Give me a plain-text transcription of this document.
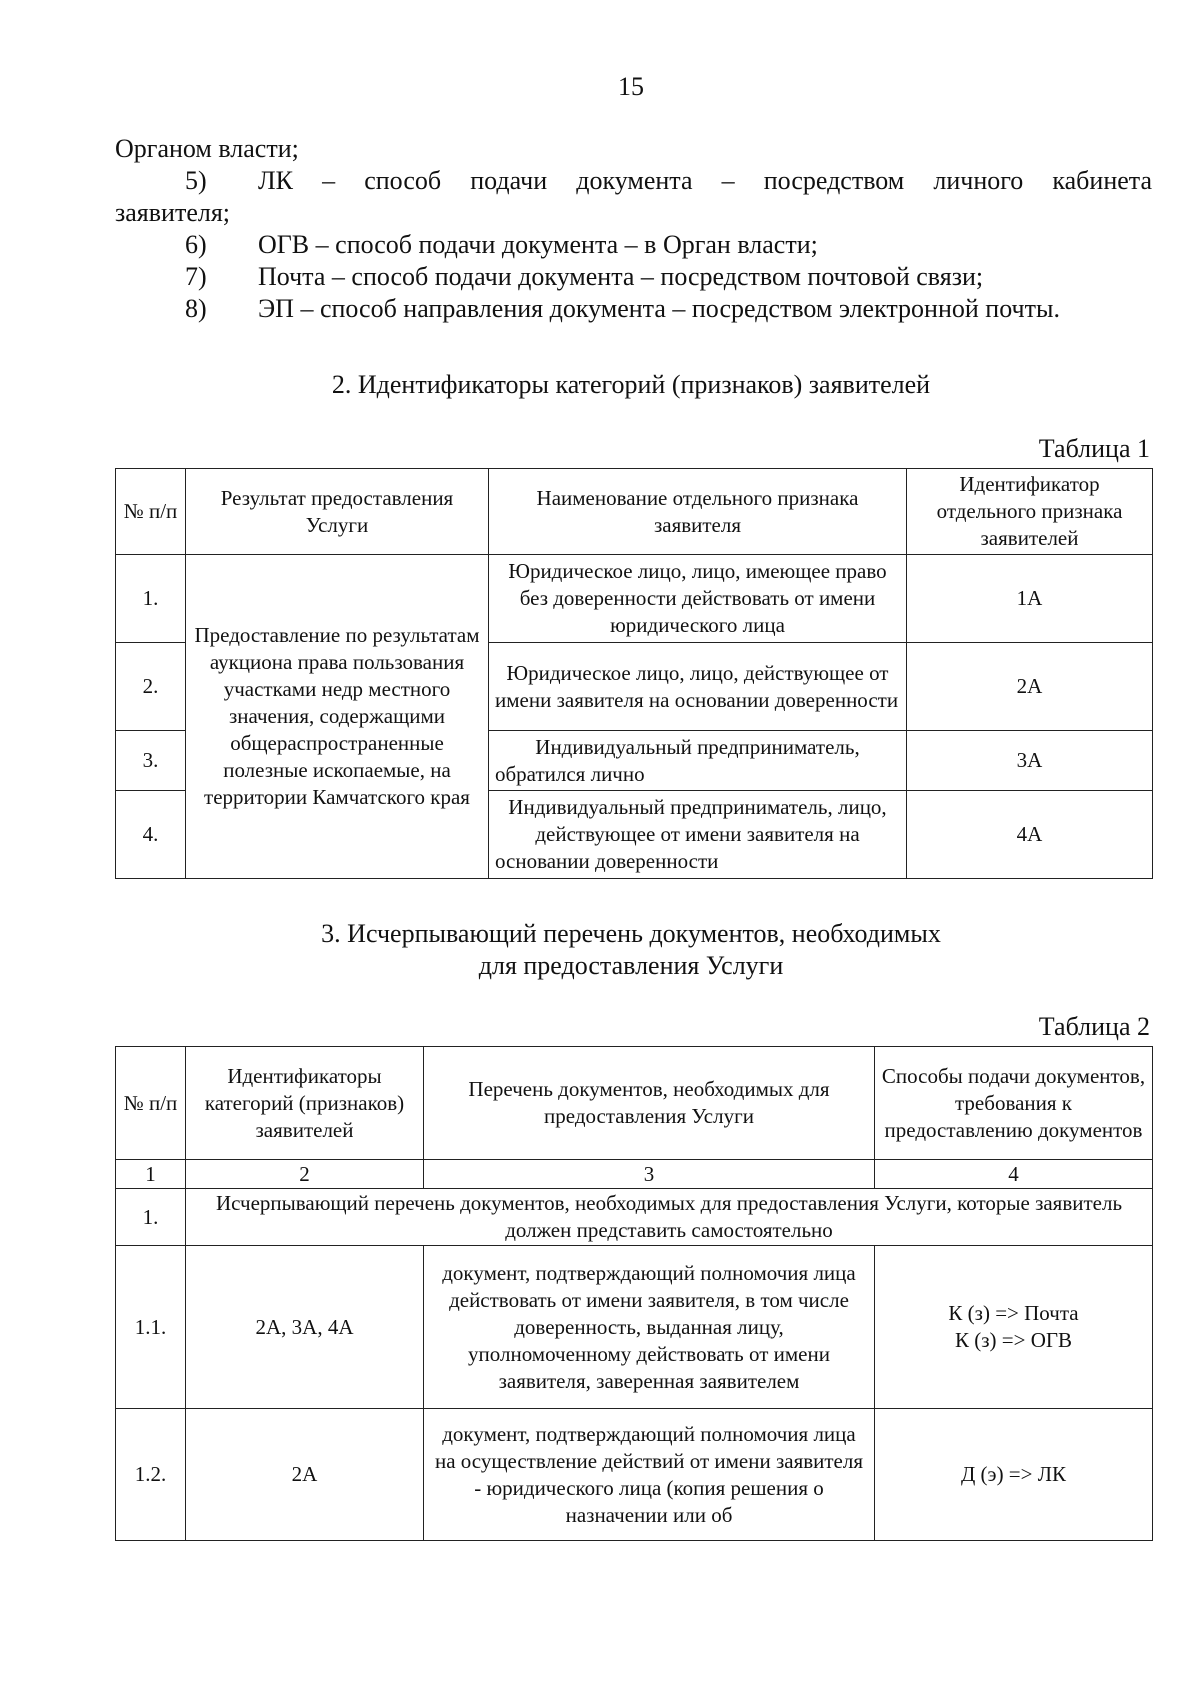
15
Органом власти;
5) ЛК – способ подачи документа – посредством личного кабинета
заявителя;
6) ОГВ – способ подачи документа – в Орган власти;
7) Почта – способ подачи документа – посредством почтовой связи;
8) ЭП – способ направления документа – посредством электронной почты.
2. Идентификаторы категорий (признаков) заявителей
Таблица 1
№ п/п	Результат предоставления Услуги	Наименование отдельного признака заявителя	Идентификатор отдельного признака заявителей
1.	Предоставление по результатам аукциона права пользования участками недр местного значения, содержащими общераспространенные полезные ископаемые, на территории Камчатского края	Юридическое лицо, лицо, имеющее право без доверенности действовать от имени юридического лица	1А
2.		Юридическое лицо, лицо, действующее от имени заявителя на основании доверенности	2А
3.		Индивидуальный предприниматель, обратился лично	3А
4.		Индивидуальный предприниматель, лицо, действующее от имени заявителя на основании доверенности	4А
3. Исчерпывающий перечень документов, необходимых
для предоставления Услуги
Таблица 2
№ п/п	Идентификаторы категорий (признаков) заявителей	Перечень документов, необходимых для предоставления Услуги	Способы подачи документов, требования к предоставлению документов
1	2	3	4
1.	Исчерпывающий перечень документов, необходимых для предоставления Услуги, которые заявитель должен представить самостоятельно		
1.1.	2А, 3А, 4А	документ, подтверждающий полномочия лица действовать от имени заявителя, в том числе доверенность, выданная лицу, уполномоченному действовать от имени заявителя, заверенная заявителем	К (з) => Почта
К (з) => ОГВ

1.2.	2А	документ, подтверждающий полномочия лица на осуществление действий от имени заявителя - юридического лица (копия решения о назначении или об	Д (э) => ЛК
